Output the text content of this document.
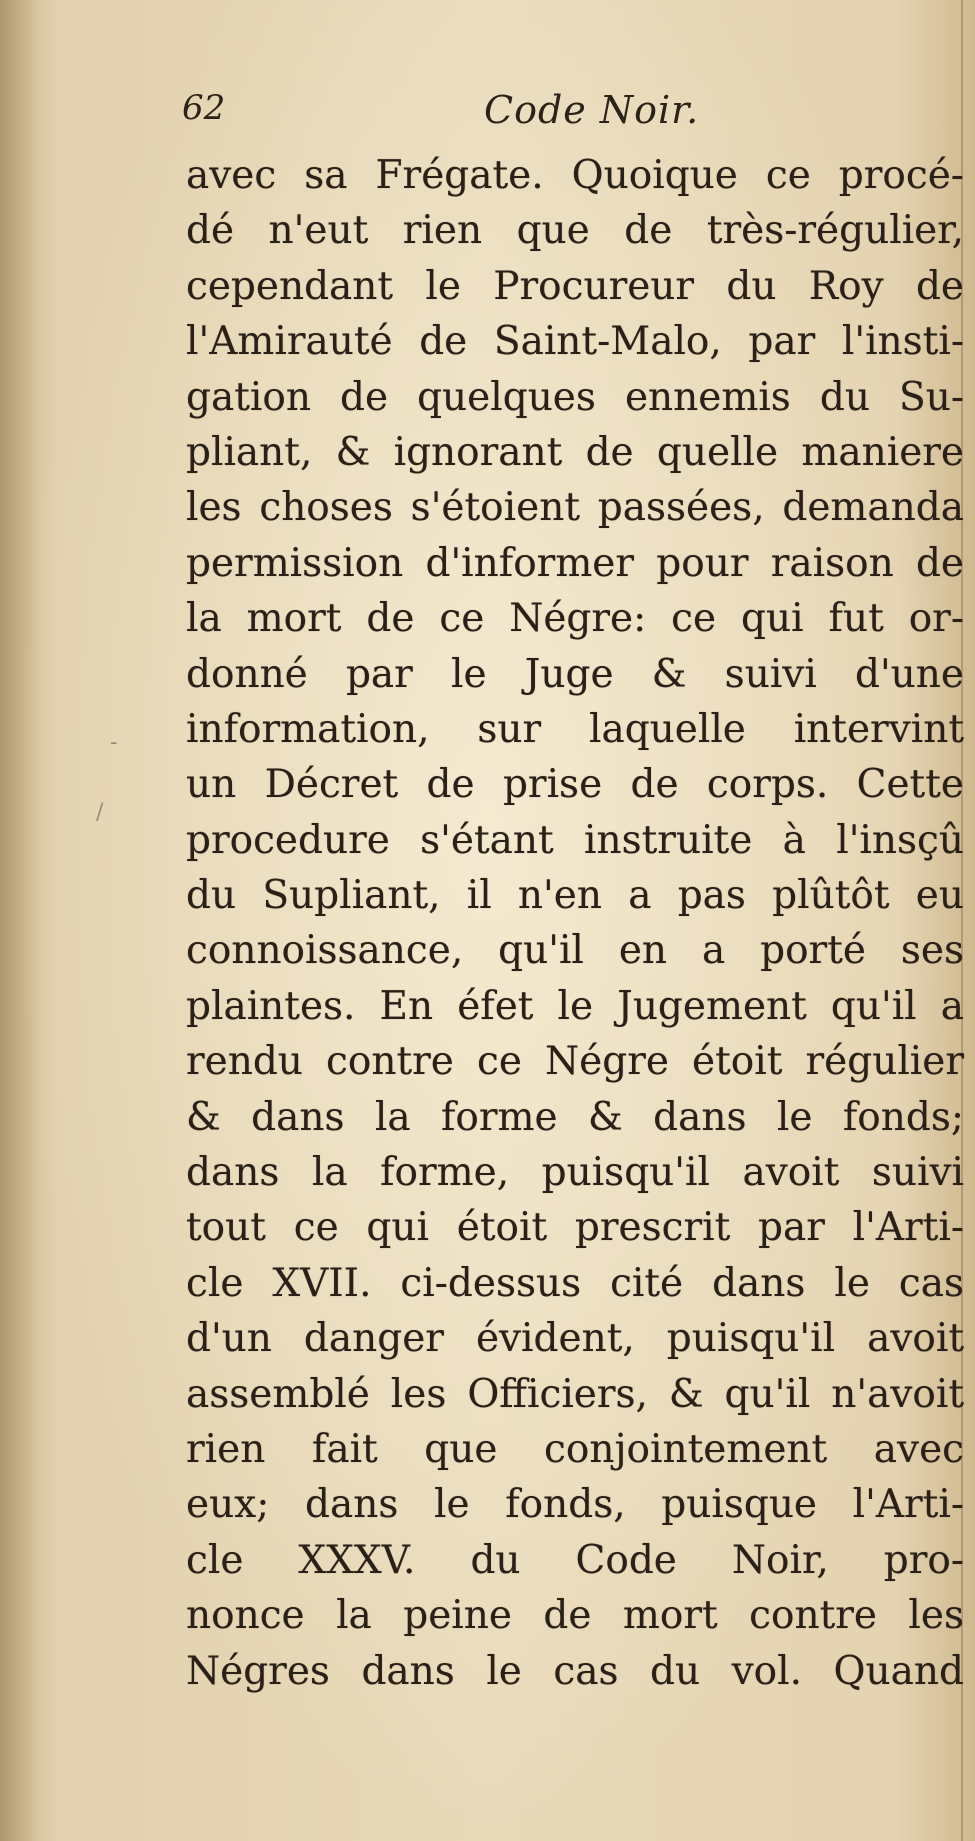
62	Code Noir.
avec sa Frégate. Quoique ce procé-
dé n'eut rien que de très-régulier,
cependant le Procureur du Roy de
l'Amirauté de Saint-Malo, par l'insti-
gation de quelques ennemis du Su-
pliant, & ignorant de quelle maniere
les choses s'étoient passées, demanda
permission d'informer pour raison de
la mort de ce Négre: ce qui fut or-
donné par le Juge & suivi d'une
information, sur laquelle intervint
un Décret de prise de corps. Cette
procedure s'étant instruite à l'insçû
du Supliant, il n'en a pas plûtôt eu
connoissance, qu'il en a porté ses
plaintes. En éfet le Jugement qu'il a
rendu contre ce Négre étoit régulier
& dans la forme & dans le fonds;
dans la forme, puisqu'il avoit suivi
tout ce qui étoit prescrit par l'Arti-
cle XVII. ci-dessus cité dans le cas
d'un danger évident, puisqu'il avoit
assemblé les Officiers, & qu'il n'avoit
rien fait que conjointement avec
eux; dans le fonds, puisque l'Arti-
cle XXXV. du Code Noir, pro-
nonce la peine de mort contre les
Négres dans le cas du vol. Quand
-
/
